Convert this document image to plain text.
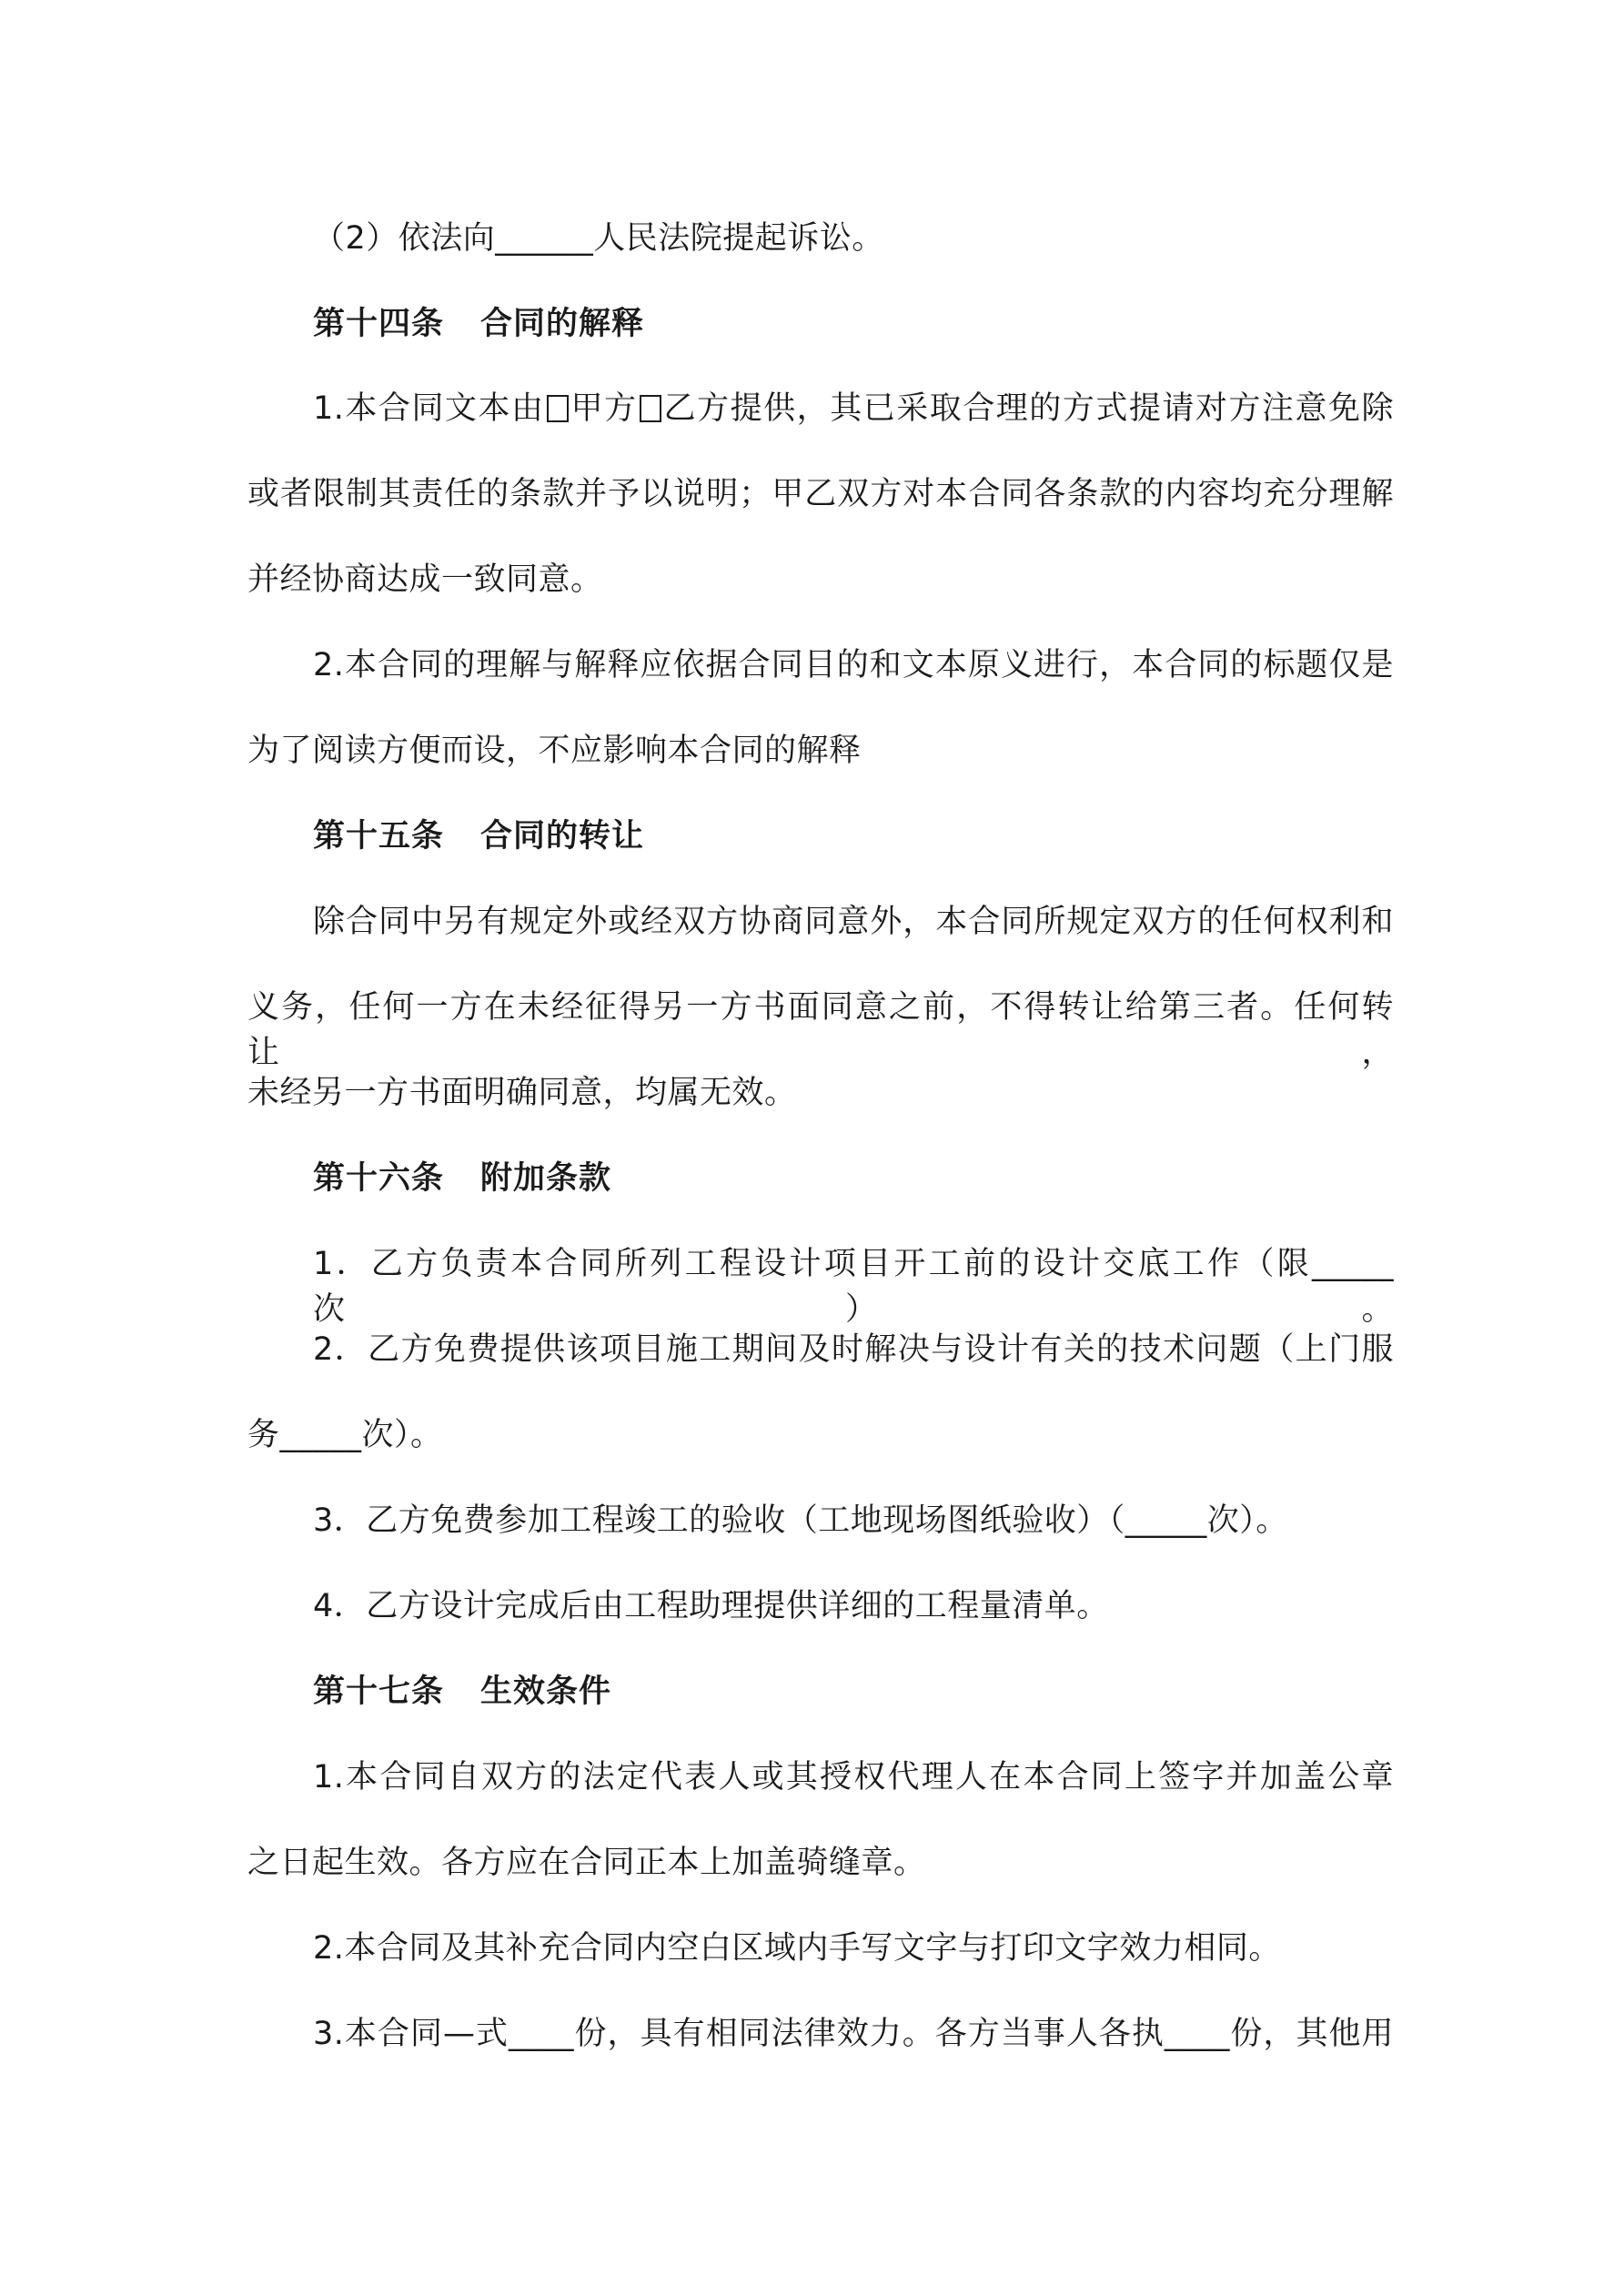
（2）依法向______人民法院提起诉讼。
第十四条 合同的解释
1.本合同文本由 甲方 乙方提供，其已采取合理的方式提请对方注意免除
或者限制其责任的条款并予以说明；甲乙双方对本合同各条款的内容均充分理解
并经协商达成一致同意。
2.本合同的理解与解释应依据合同目的和文本原义进行，本合同的标题仅是
为了阅读方便而设，不应影响本合同的解释
第十五条 合同的转让
除合同中另有规定外或经双方协商同意外，本合同所规定双方的任何权利和
义务，任何一方在未经征得另一方书面同意之前，不得转让给第三者。任何转让，
未经另一方书面明确同意，均属无效。
第十六条 附加条款
1．乙方负责本合同所列工程设计项目开工前的设计交底工作（限_____次）。
2．乙方免费提供该项目施工期间及时解决与设计有关的技术问题（上门服
务_____次）。
3．乙方免费参加工程竣工的验收（工地现场图纸验收）（_____次）。
4．乙方设计完成后由工程助理提供详细的工程量清单。
第十七条 生效条件
1.本合同自双方的法定代表人或其授权代理人在本合同上签字并加盖公章
之日起生效。各方应在合同正本上加盖骑缝章。
2.本合同及其补充合同内空白区域内手写文字与打印文字效力相同。
3.本合同—式____份，具有相同法律效力。各方当事人各执____份，其他用
